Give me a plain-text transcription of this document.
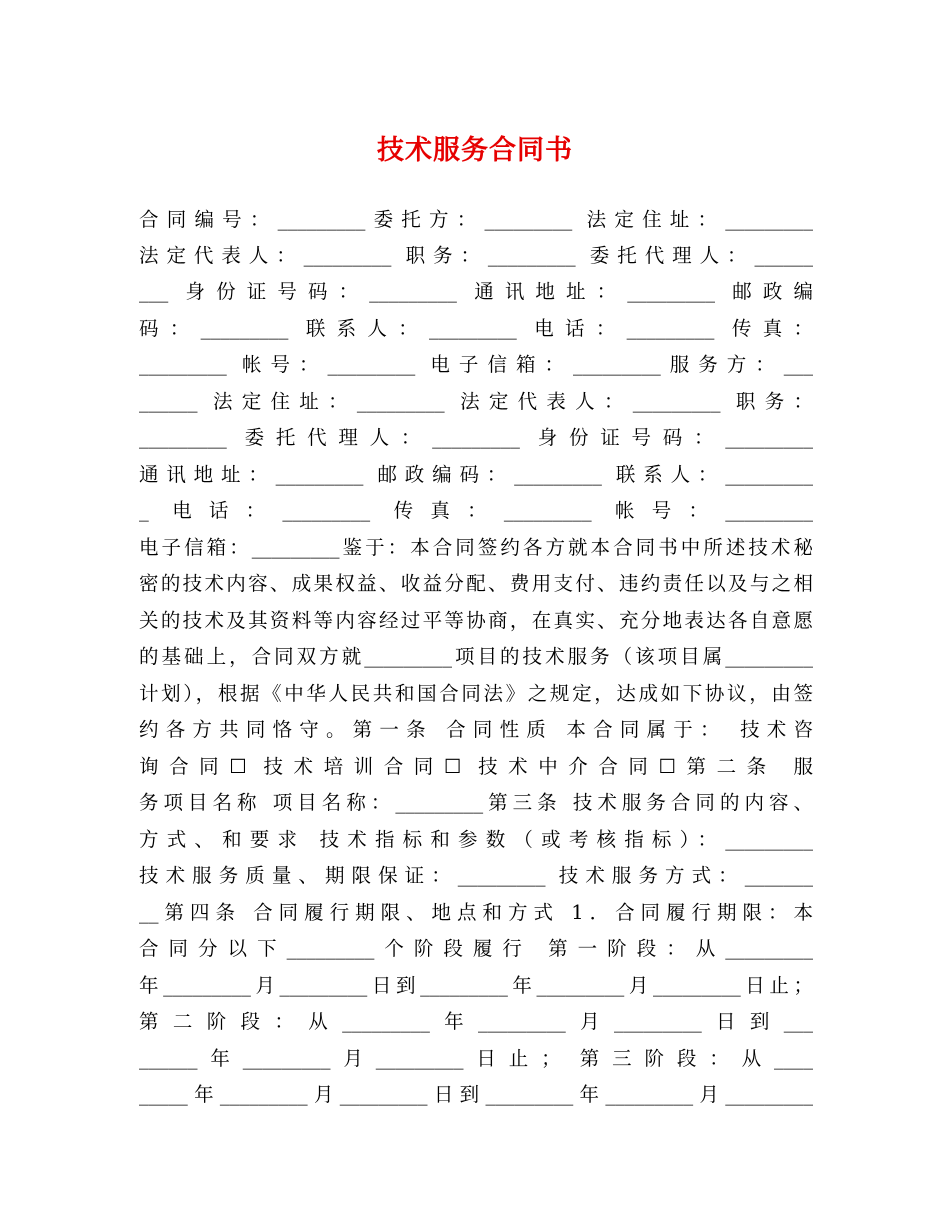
技术服务合同书
合同编号：_________委托方：_________ 法定住址：_________
法定代表人：_________ 职务：_________ 委托代理人：______
___ 身份证号码：_________ 通讯地址：_________ 邮政编
码：_________ 联系人：_________ 电话：_________ 传真：
_________ 帐号：_________ 电子信箱：_________服务方：___
______ 法定住址：_________ 法定代表人：_________ 职务：
_________ 委托代理人：_________ 身份证号码：_________
通讯地址：_________ 邮政编码：_________ 联系人：_________
_ 电话：_________ 传真：_________ 帐号：_________
电子信箱：_________鉴于：本合同签约各方就本合同书中所述技术秘
密的技术内容、成果权益、收益分配、费用支付、违约责任以及与之相
关的技术及其资料等内容经过平等协商，在真实、充分地表达各自意愿
的基础上，合同双方就_________项目的技术服务（该项目属_________
计划），根据《中华人民共和国合同法》之规定，达成如下协议，由签
约各方共同恪守。第一条 合同性质 本合同属于： 技术咨
询合同☐ 技术培训合同☐ 技术中介合同☐第二条 服
务项目名称 项目名称：_________第三条 技术服务合同的内容、
方式、和要求 技术指标和参数（或考核指标）：_________
技术服务质量、期限保证：_________ 技术服务方式：_______
__第四条 合同履行期限、地点和方式 1．合同履行期限：本
合同分以下_________个阶段履行 第一阶段：从_________
年_________月_________日到_________年_________月_________日止；
第二阶段：从_________年_________月_________日到___
______年_________月_________日止； 第三阶段：从____
_____年_________月_________日到_________年_________月_________
